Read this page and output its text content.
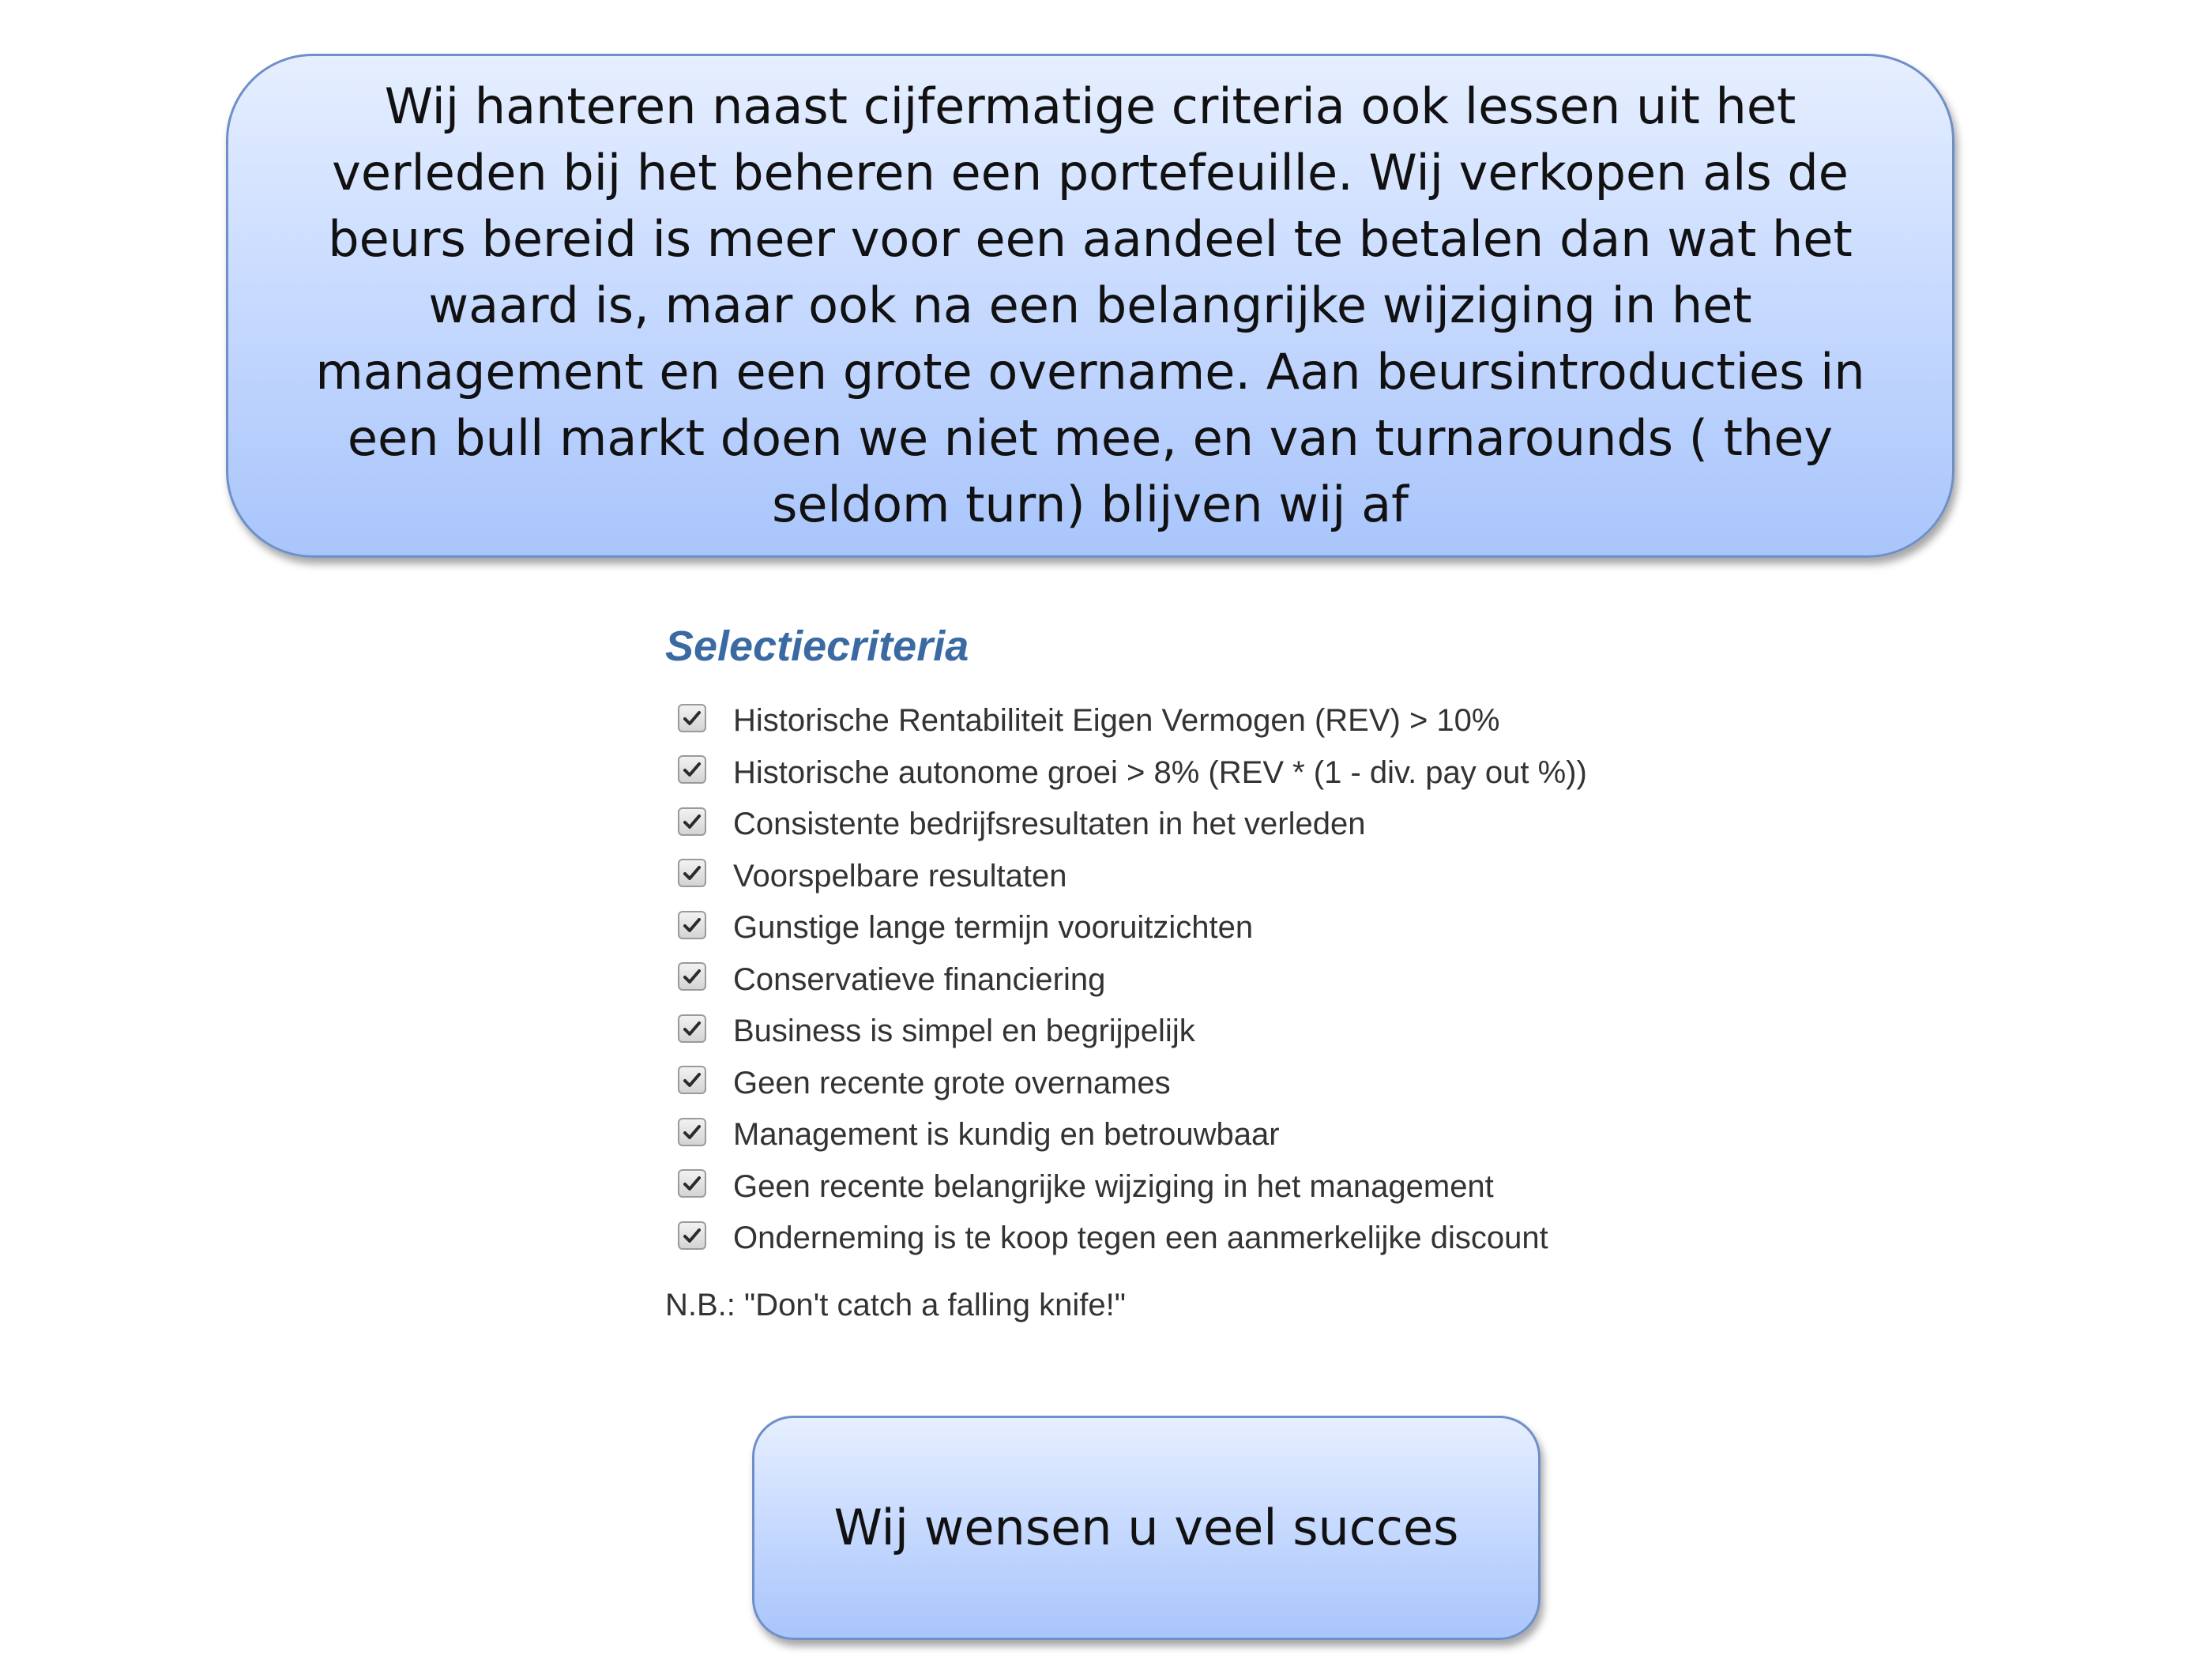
Wij hanteren naast cijfermatige criteria ook lessen uit het verleden bij het beheren een portefeuille. Wij verkopen als de beurs bereid is meer voor een aandeel te betalen dan wat het waard is, maar ook na een belangrijke wijziging in het management en een grote overname. Aan beursintroducties in een bull markt doen we niet mee, en van turnarounds ( they seldom turn) blijven wij af
Selectiecriteria
Historische Rentabiliteit Eigen Vermogen (REV) > 10%
Historische autonome groei > 8% (REV * (1 - div. pay out %))
Consistente bedrijfsresultaten in het verleden
Voorspelbare resultaten
Gunstige lange termijn vooruitzichten
Conservatieve financiering
Business is simpel en begrijpelijk
Geen recente grote overnames
Management is kundig en betrouwbaar
Geen recente belangrijke wijziging in het management
Onderneming is te koop tegen een aanmerkelijke discount
N.B.: "Don't catch a falling knife!"
Wij wensen u veel succes
